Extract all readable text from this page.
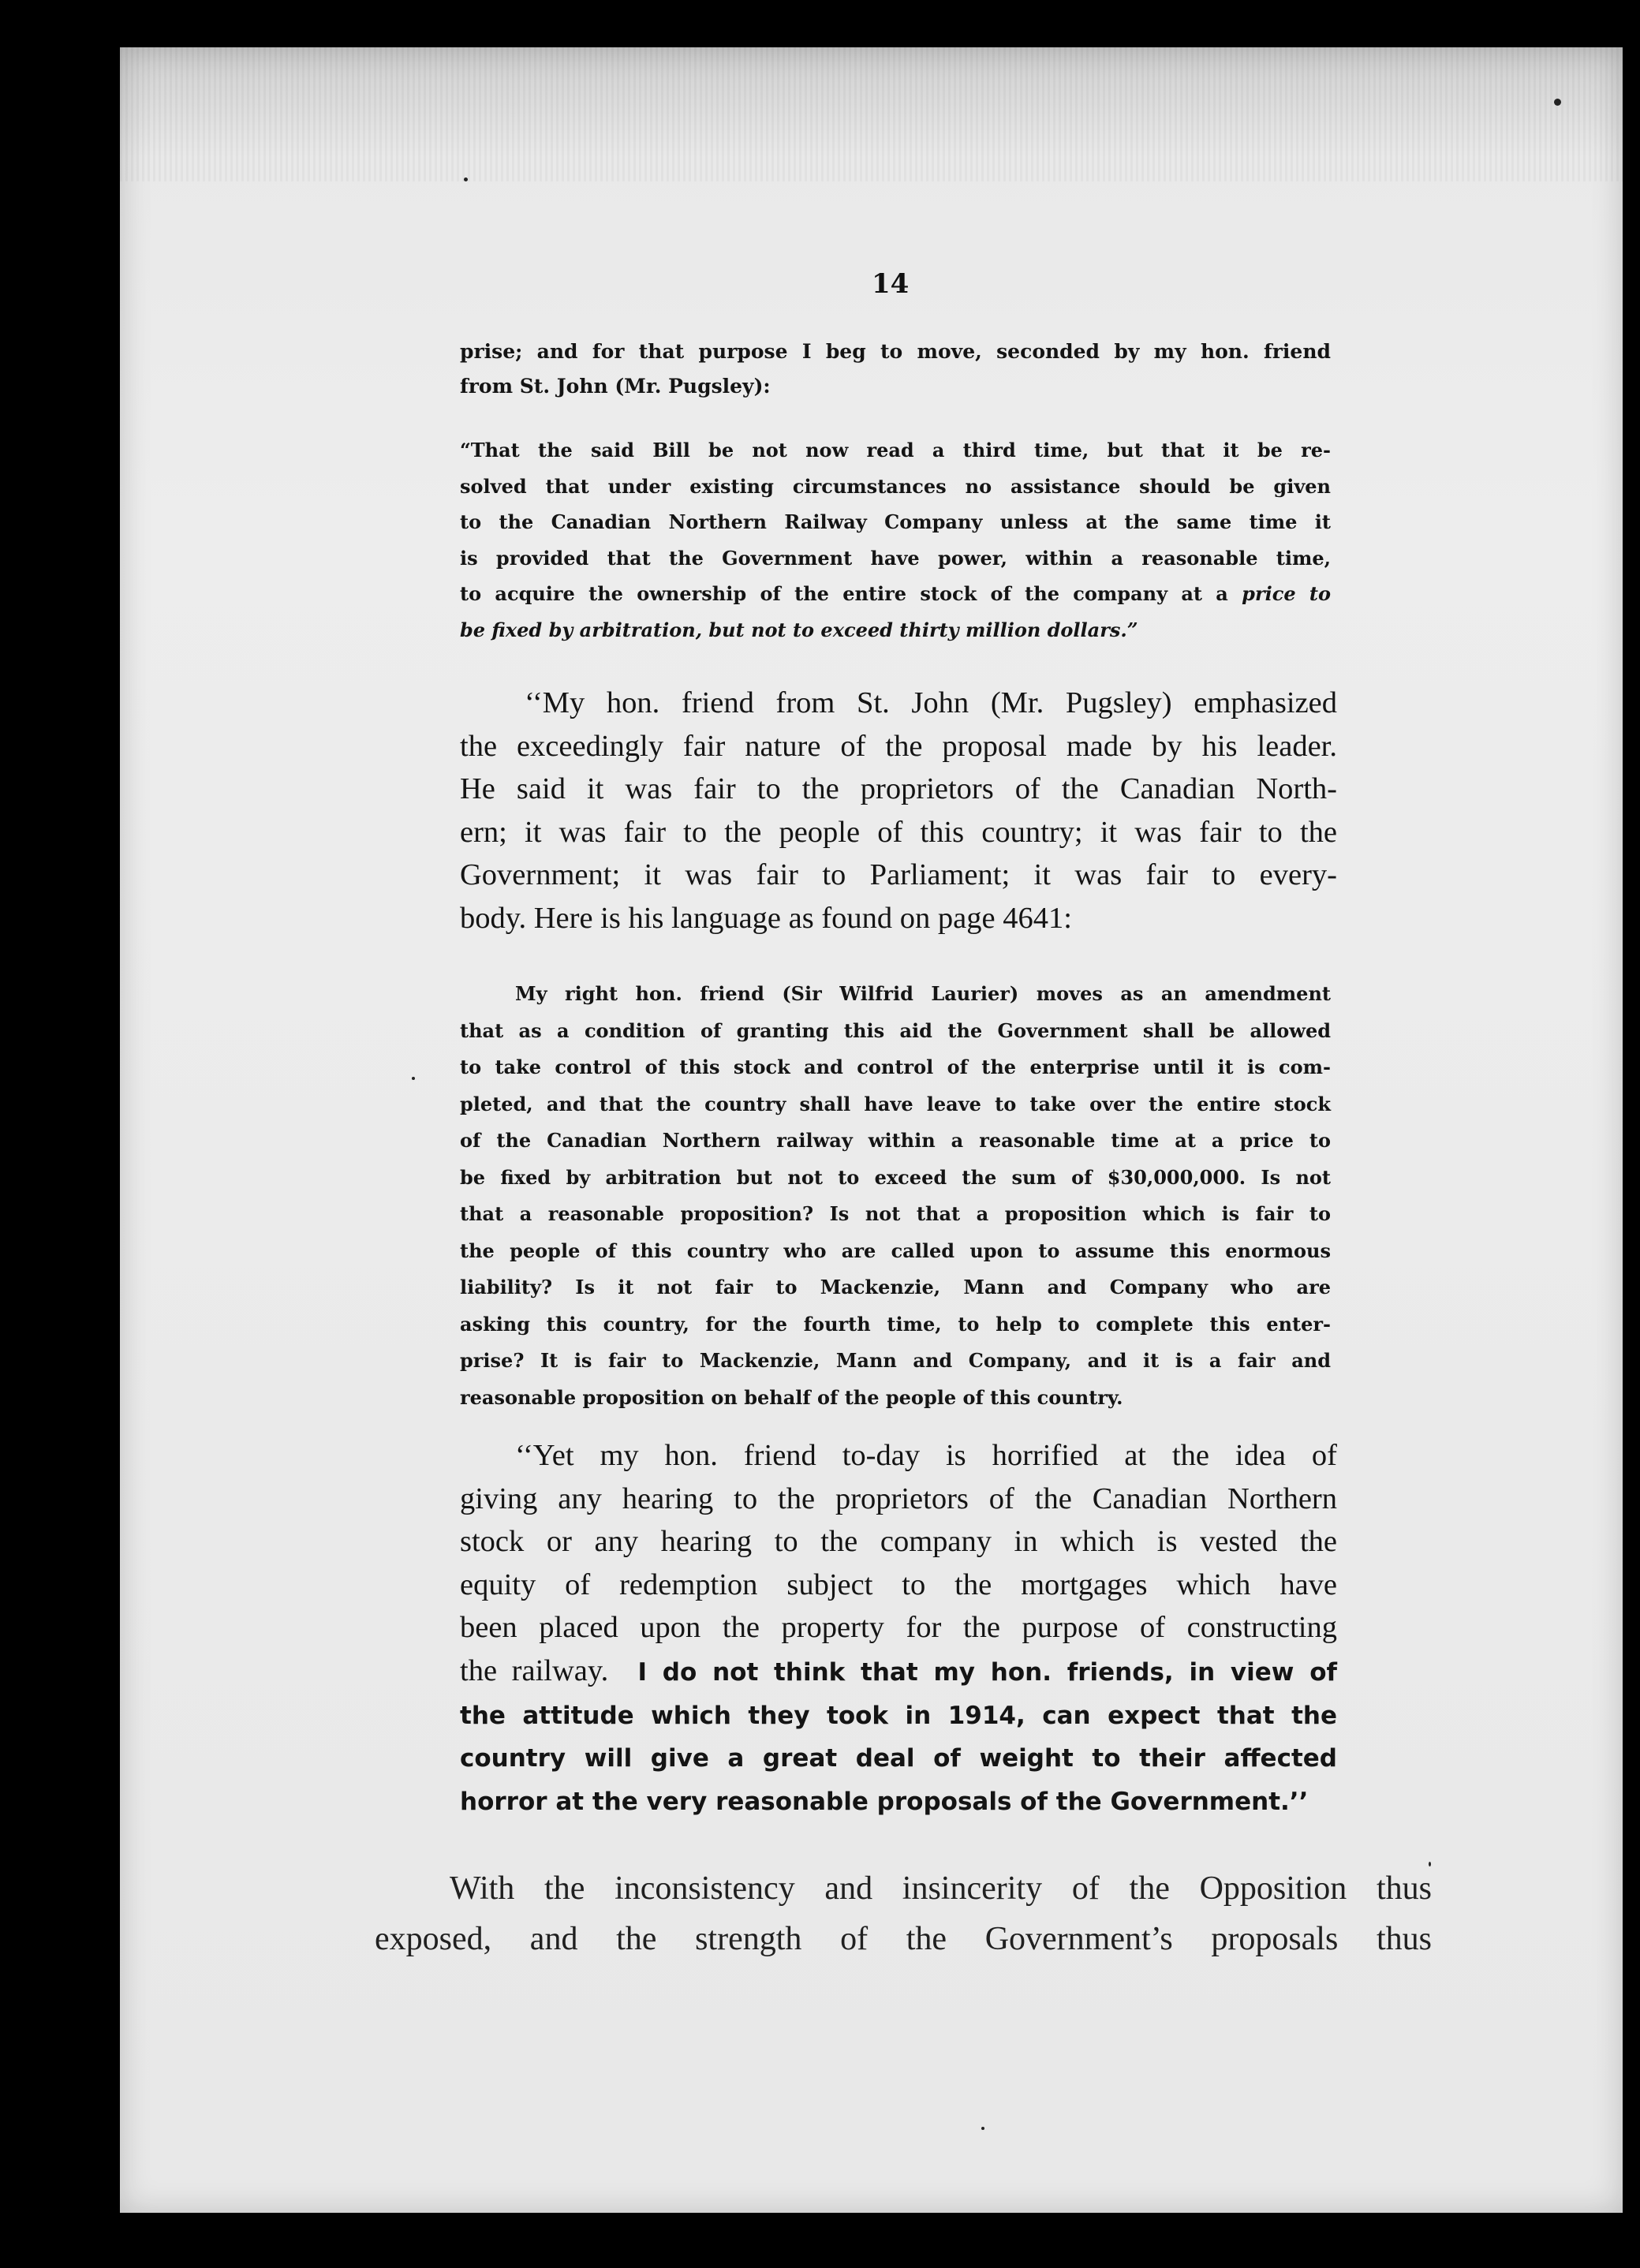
14

prise; and for that purpose I beg to move, seconded by my hon. friend

from St. John (Mr. Pugsley):

“That the said Bill be not now read a third time, but that it be re-

solved that under existing circumstances no assistance should be given

to the Canadian Northern Railway Company unless at the same time it

is provided that the Government have power, within a reasonable time,

to acquire the ownership of the entire stock of the company at a price to

be fixed by arbitration, but not to exceed thirty million dollars.”

‘‘My hon. friend from St. John (Mr. Pugsley) emphasized

the exceedingly fair nature of the proposal made by his leader.

He said it was fair to the proprietors of the Canadian North-

ern; it was fair to the people of this country; it was fair to the

Government; it was fair to Parliament; it was fair to every-

body. Here is his language as found on page 4641:

My right hon. friend (Sir Wilfrid Laurier) moves as an amendment

that as a condition of granting this aid the Government shall be allowed

to take control of this stock and control of the enterprise until it is com-

pleted, and that the country shall have leave to take over the entire stock

of the Canadian Northern railway within a reasonable time at a price to

be fixed by arbitration but not to exceed the sum of $30,000,000. Is not

that a reasonable proposition? Is not that a proposition which is fair to

the people of this country who are called upon to assume this enormous

liability? Is it not fair to Mackenzie, Mann and Company who are

asking this country, for the fourth time, to help to complete this enter-

prise? It is fair to Mackenzie, Mann and Company, and it is a fair and

reasonable proposition on behalf of the people of this country.

‘‘Yet my hon. friend to-day is horrified at the idea of

giving any hearing to the proprietors of the Canadian Northern

stock or any hearing to the company in which is vested the

equity of redemption subject to the mortgages which have

been placed upon the property for the purpose of constructing

the railway. I do not think that my hon. friends, in view of

the attitude which they took in 1914, can expect that the

country will give a great deal of weight to their affected

horror at the very reasonable proposals of the Government.’’

With the inconsistency and insincerity of the Opposition thus

exposed, and the strength of the Government’s proposals thus
